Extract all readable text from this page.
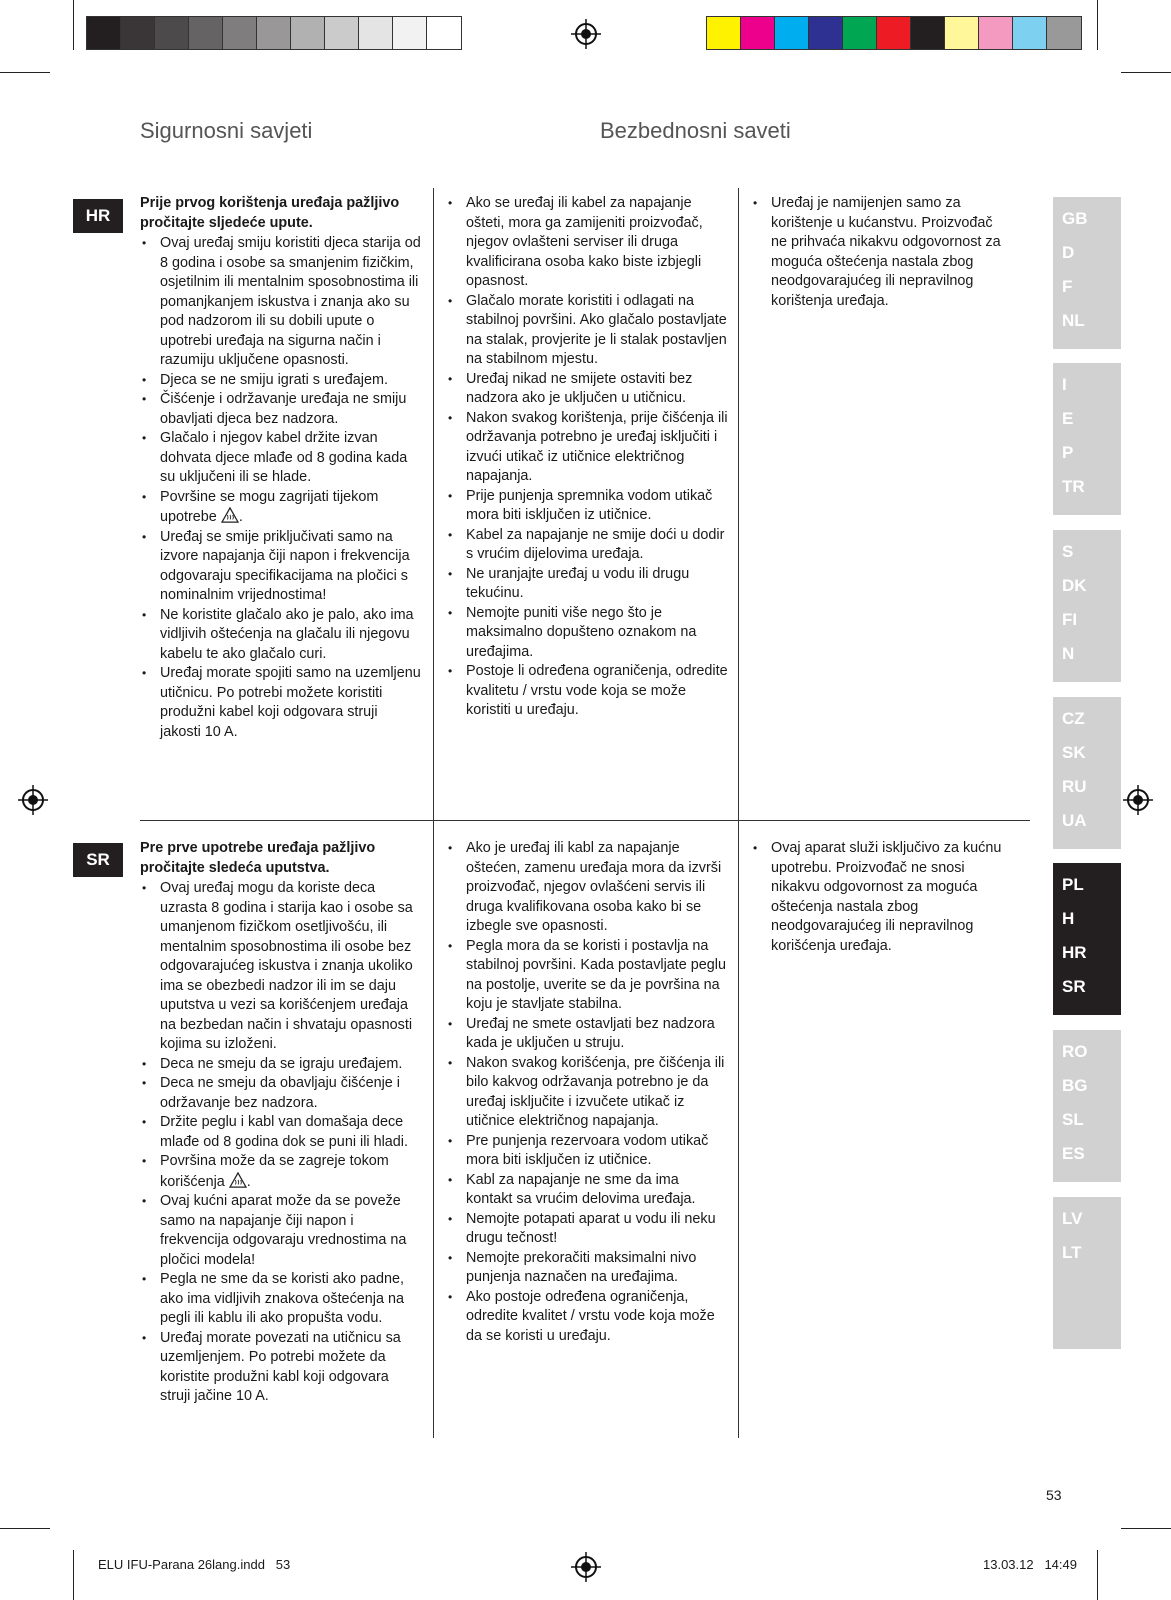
Sigurnosni savjeti	Bezbednosni saveti
HR

Prije prvog korištenja uređaja pažljivo pročitajte sljedeće upute.

• Ovaj uređaj smiju koristiti djeca starija od 8 godina i osobe sa smanjenim fizičkim, osjetilnim ili mentalnim sposobnostima ili pomanjkanjem iskustva i znanja ako su pod nadzorom ili su dobili upute o upotrebi uređaja na sigurna način i razumiju uključene opasnosti.
• Djeca se ne smiju igrati s uređajem.
• Čišćenje i održavanje uređaja ne smiju obavljati djeca bez nadzora.
• Glačalo i njegov kabel držite izvan dohvata djece mlađe od 8 godina kada su uključeni ili se hlade.
• Površine se mogu zagrijati tijekom upotrebe .
• Uređaj se smije priključivati samo na izvore napajanja čiji napon i frekvencija odgovaraju specifikacijama na pločici s nominalnim vrijednostima!
• Ne koristite glačalo ako je palo, ako ima vidljivih oštećenja na glačalu ili njegovu kabelu te ako glačalo curi.
• Uređaj morate spojiti samo na uzemljenu utičnicu. Po potrebi možete koristiti produžni kabel koji odgovara struji jakosti 10 A.
• Ako se uređaj ili kabel za napajanje ošteti, mora ga zamijeniti proizvođač, njegov ovlašteni serviser ili druga kvalificirana osoba kako biste izbjegli opasnost.
• Glačalo morate koristiti i odlagati na stabilnoj površini. Ako glačalo postavljate na stalak, provjerite je li stalak postavljen na stabilnom mjestu.
• Uređaj nikad ne smijete ostaviti bez nadzora ako je uključen u utičnicu.
• Nakon svakog korištenja, prije čišćenja ili održavanja potrebno je uređaj isključiti i izvući utikač iz utičnice električnog napajanja.
• Prije punjenja spremnika vodom utikač mora biti isključen iz utičnice.
• Kabel za napajanje ne smije doći u dodir s vrućim dijelovima uređaja.
• Ne uranjajte uređaj u vodu ili drugu tekućinu.
• Nemojte puniti više nego što je maksimalno dopušteno oznakom na uređajima.
• Postoje li određena ograničenja, odredite kvalitetu / vrstu vode koja se može koristiti u uređaju.
• Uređaj je namijenjen samo za korištenje u kućanstvu. Proizvođač ne prihvaća nikakvu odgovornost za moguća oštećenja nastala zbog neodgovarajućeg ili nepravilnog korištenja uređaja.
SR

Pre prve upotrebe uređaja pažljivo pročitajte sledeća uputstva.

• Ovaj uređaj mogu da koriste deca uzrasta 8 godina i starija kao i osobe sa umanjenom fizičkom osetljivošću, ili mentalnim sposobnostima ili osobe bez odgovarajućeg iskustva i znanja ukoliko ima se obezbedi nadzor ili im se daju uputstva u vezi sa korišćenjem uređaja na bezbedan način i shvataju opasnosti kojima su izloženi.
• Deca ne smeju da se igraju uređajem.
• Deca ne smeju da obavljaju čišćenje i održavanje bez nadzora.
• Držite peglu i kabl van domašaja dece mlađe od 8 godina dok se puni ili hladi.
• Površina može da se zagreje tokom korišćenja .
• Ovaj kućni aparat može da se poveže samo na napajanje čiji napon i frekvencija odgovaraju vrednostima na pločici modela!
• Pegla ne sme da se koristi ako padne, ako ima vidljivih znakova oštećenja na pegli ili kablu ili ako propušta vodu.
• Uređaj morate povezati na utičnicu sa uzemljenjem. Po potrebi možete da koristite produžni kabl koji odgovara struji jačine 10 A.
• Ako je uređaj ili kabl za napajanje oštećen, zamenu uređaja mora da izvrši proizvođač, njegov ovlašćeni servis ili druga kvalifikovana osoba kako bi se izbegle sve opasnosti.
• Pegla mora da se koristi i postavlja na stabilnoj površini. Kada postavljate peglu na postolje, uverite se da je površina na koju je stavljate stabilna.
• Uređaj ne smete ostavljati bez nadzora kada je uključen u struju.
• Nakon svakog korišćenja, pre čišćenja ili bilo kakvog održavanja potrebno je da uređaj isključite i izvučete utikač iz utičnice električnog napajanja.
• Pre punjenja rezervoara vodom utikač mora biti isključen iz utičnice.
• Kabl za napajanje ne sme da ima kontakt sa vrućim delovima uređaja.
• Nemojte potapati aparat u vodu ili neku drugu tečnost!
• Nemojte prekoračiti maksimalni nivo punjenja naznačen na uređajima.
• Ako postoje određena ograničenja, odredite kvalitet / vrstu vode koja može da se koristi u uređaju.
• Ovaj aparat služi isključivo za kućnu upotrebu. Proizvođač ne snosi nikakvu odgovornost za moguća oštećenja nastala zbog neodgovarajućeg ili nepravilnog korišćenja uređaja.
GB
D
F
NL
I
E
P
TR
S
DK
FI
N
CZ
SK
RU
UA
PL
H
HR
SR
RO
BG
SL
ES
LV
LT
53
ELU IFU-Parana 26lang.indd   53	13.03.12   14:49
